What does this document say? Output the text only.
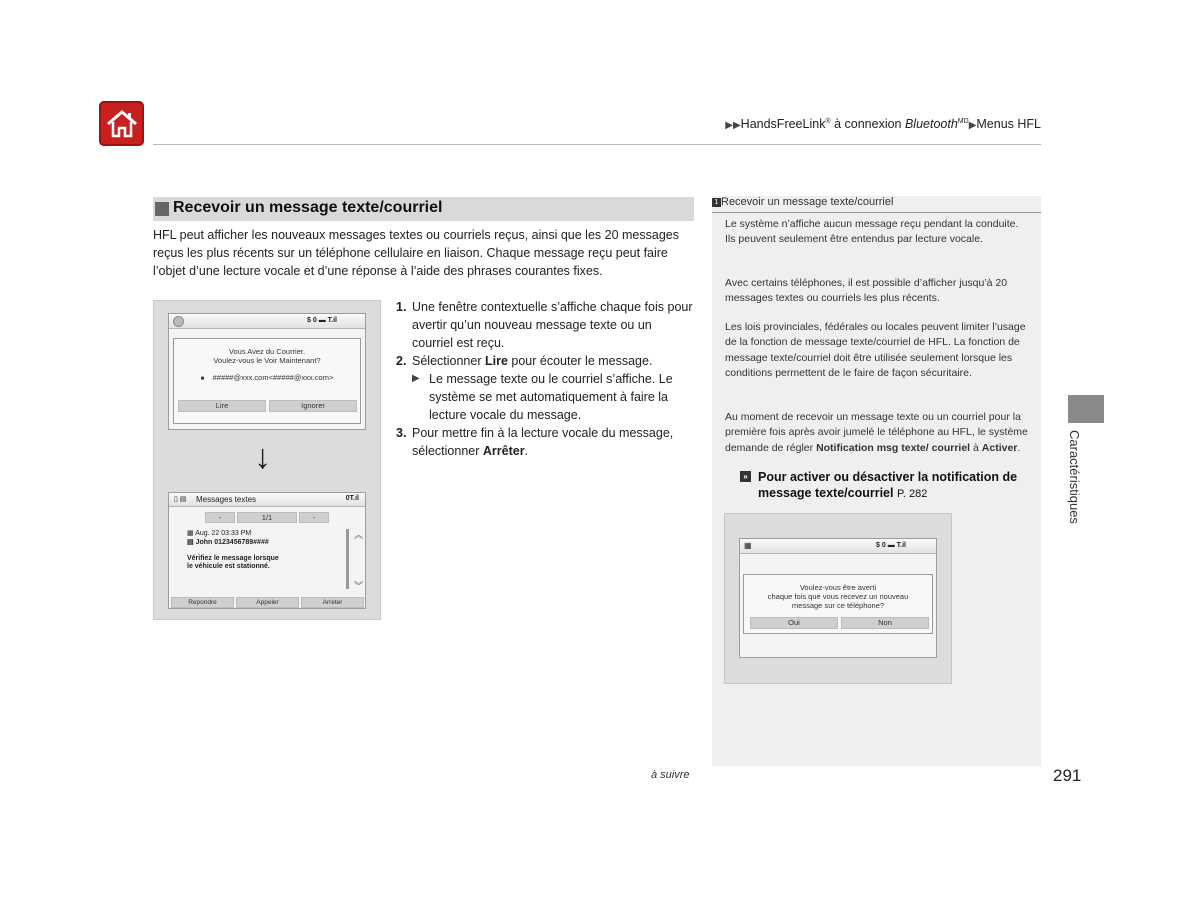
▶▶HandsFreeLink® à connexion Bluetooth$^{MD}$▶Menus HFL
Recevoir un message texte/courriel
HFL peut afficher les nouveaux messages textes ou courriels reçus, ainsi que les 20 messages reçus les plus récents sur un téléphone cellulaire en liaison. Chaque message reçu peut faire l’objet d’une lecture vocale et d’une réponse à l’aide des phrases courantes fixes.
$ 0 ▬ T.il
Vous Avez du Courrier.
Voulez-vous le Voir Maintenant?
■ #####@xxx.com<#####@xxx.com>
Lire	Ignorer
▯ ▤ Messages textes	0T.il
-	1/1	-
▦ Aug. 22 03:33 PM
▤ John 0123456789####
Vérifiez le message lorsque
le véhicule est stationné.
︽
︾
Repondre	Appeler	Arreter
↓
1. Une fenêtre contextuelle s’affiche chaque fois pour avertir qu’un nouveau message texte ou un courriel est reçu.
2. Sélectionner Lire pour écouter le message.
▶ Le message texte ou le courriel s’affiche. Le système se met automatiquement à faire la lecture vocale du message.
3. Pour mettre fin à la lecture vocale du message, sélectionner Arrêter.
1 Recevoir un message texte/courriel
Le système n’affiche aucun message reçu pendant la conduite. Ils peuvent seulement être entendus par lecture vocale.
Avec certains téléphones, il est possible d’afficher jusqu’à 20 messages textes ou courriels les plus récents.
Les lois provinciales, fédérales ou locales peuvent limiter l’usage de la fonction de message texte/courriel de HFL. La fonction de message texte/courriel doit être utilisée seulement lorsque les conditions permettent de le faire de façon sécuritaire.
Au moment de recevoir un message texte ou un courriel pour la première fois après avoir jumelé le téléphone au HFL, le système demande de régler Notification msg texte/ courriel à Activer.
» Pour activer ou désactiver la notification de message texte/courriel P. 282
▦	$ 0 ▬ T.il
Voulez-vous être averti
chaque fois que vous recevez un nouveau
message sur ce téléphone?
Oui	Non
à suivre	291
Caractéristiques
